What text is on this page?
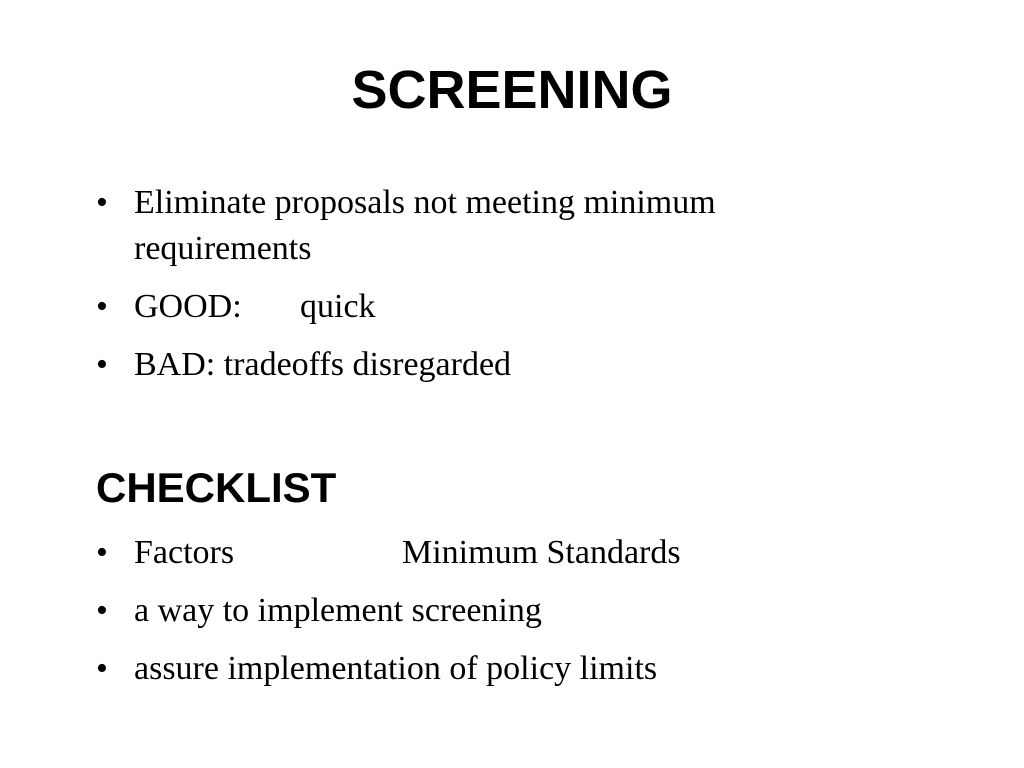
SCREENING
• Eliminate proposals not meeting minimum requirements
• GOOD: quick
• BAD: tradeoffs disregarded
CHECKLIST
• Factors	Minimum Standards
• a way to implement screening
• assure implementation of policy limits
